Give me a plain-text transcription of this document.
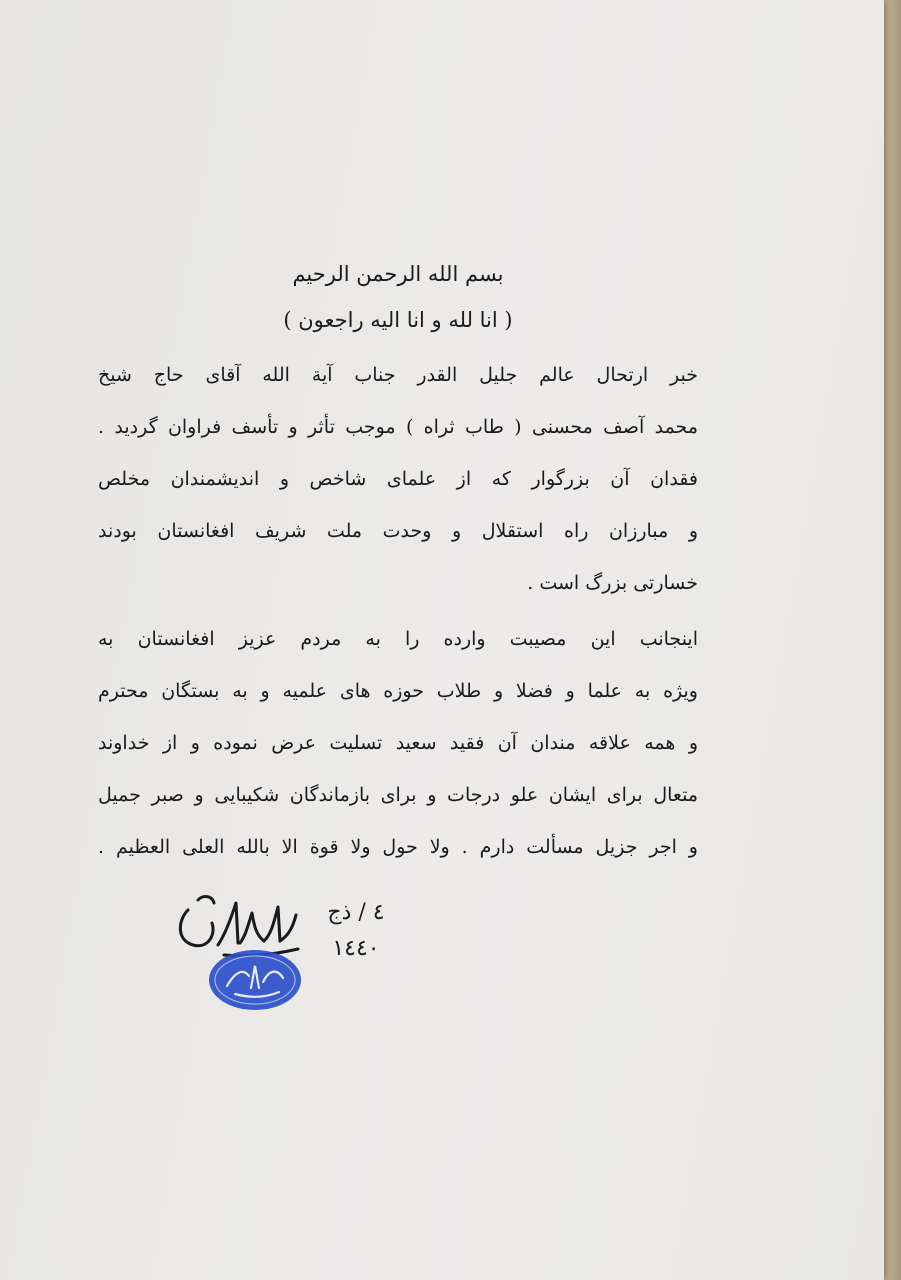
بسم الله الرحمن الرحیم

( انا لله و انا الیه راجعون )

خبر ارتحال عالم جلیل القدر جناب آیة الله آقای حاج شیخ
محمد آصف محسنی ( طاب ثراه ) موجب تأثر و تأسف فراوان گردید .
فقدان آن بزرگوار که از علمای شاخص و اندیشمندان مخلص
و مبارزان راه استقلال و وحدت ملت شریف افغانستان بودند
خسارتی بزرگ است .
اینجانب این مصیبت وارده را به مردم عزیز افغانستان به
ویژه به علما و فضلا و طلاب حوزه های علمیه و به بستگان محترم
و همه علاقه مندان آن فقید سعید تسلیت عرض نموده و از خداوند
متعال برای ایشان علو درجات و برای بازماندگان شکیبایی و صبر جمیل
و اجر جزیل مسألت دارم . ولا حول ولا قوة الا بالله العلی العظیم .
٤ / ذج
١٤٤٠
